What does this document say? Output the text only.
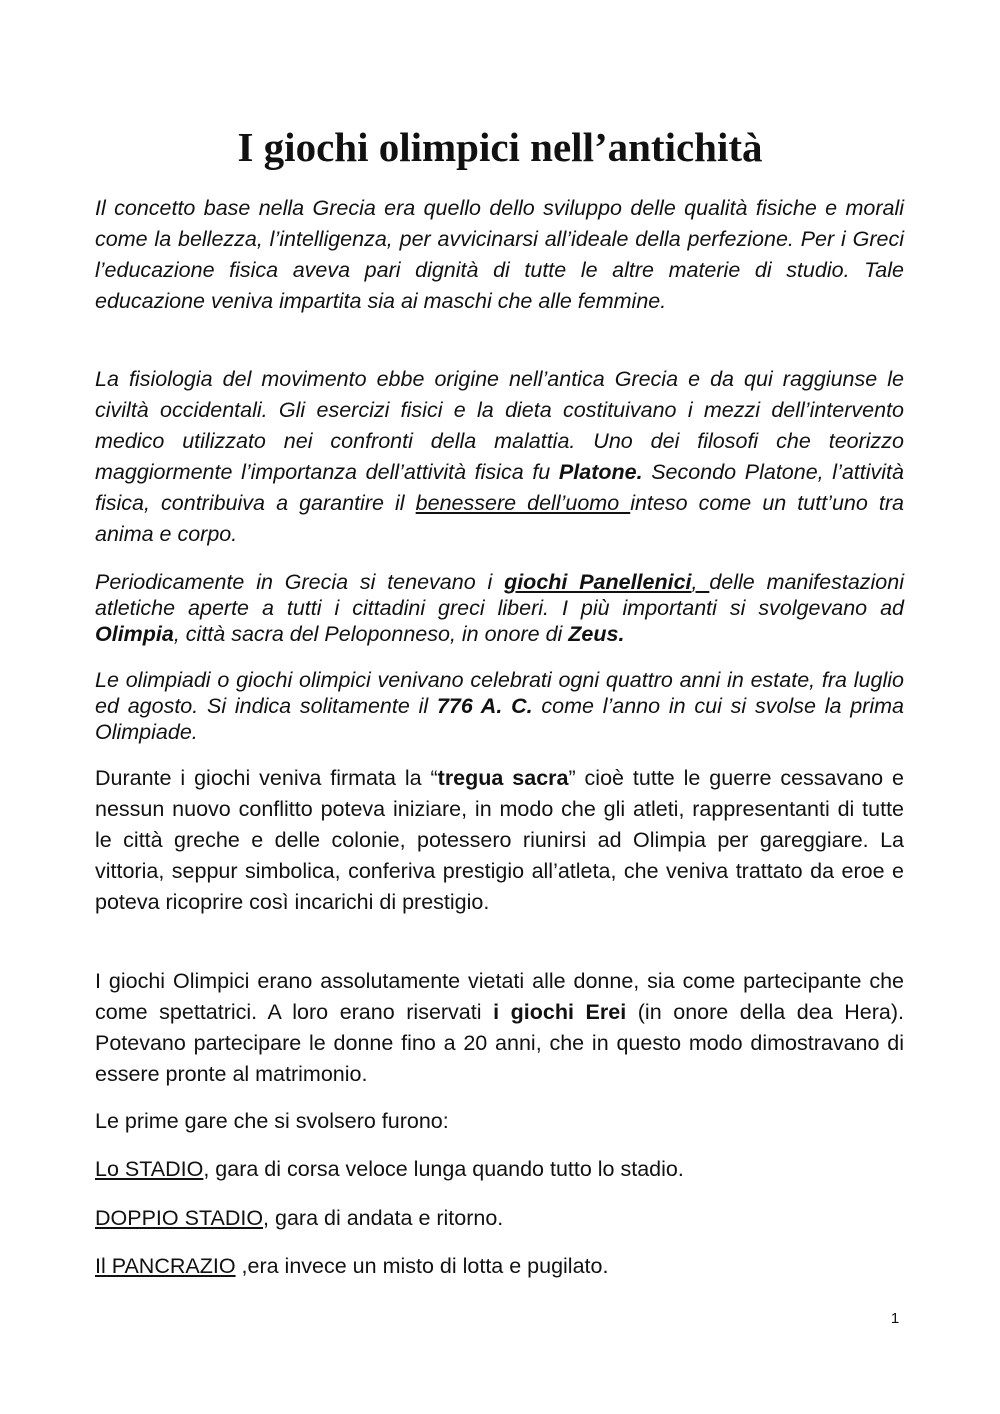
I giochi olimpici nell’antichità

Il concetto base nella Grecia era quello dello sviluppo delle qualità fisiche e morali come la bellezza, l’intelligenza, per avvicinarsi all’ideale della perfezione. Per i Greci l’educazione fisica aveva pari dignità di tutte le altre materie di studio. Tale educazione veniva impartita sia ai maschi che alle femmine.

La fisiologia del movimento ebbe origine nell’antica Grecia e da qui raggiunse le civiltà occidentali. Gli esercizi fisici e la dieta costituivano i mezzi dell’intervento medico utilizzato nei confronti della malattia. Uno dei filosofi che teorizzo maggiormente l’importanza dell’attività fisica fu Platone. Secondo Platone, l’attività fisica, contribuiva a garantire il benessere dell’uomo inteso come un tutt’uno tra anima e corpo.

Periodicamente in Grecia si tenevano i giochi Panellenici, delle manifestazioni atletiche aperte a tutti i cittadini greci liberi. I più importanti si svolgevano ad Olimpia, città sacra del Peloponneso, in onore di Zeus.

Le olimpiadi o giochi olimpici venivano celebrati ogni quattro anni in estate, fra luglio ed agosto. Si indica solitamente il 776 A. C. come l’anno in cui si svolse la prima Olimpiade.

Durante i giochi veniva firmata la “tregua sacra” cioè tutte le guerre cessavano e nessun nuovo conflitto poteva iniziare, in modo che gli atleti, rappresentanti di tutte le città greche e delle colonie, potessero riunirsi ad Olimpia per gareggiare. La vittoria, seppur simbolica, conferiva prestigio all’atleta, che veniva trattato da eroe e poteva ricoprire così incarichi di prestigio.

I giochi Olimpici erano assolutamente vietati alle donne, sia come partecipante che come spettatrici. A loro erano riservati i giochi Erei (in onore della dea Hera). Potevano partecipare le donne fino a 20 anni, che in questo modo dimostravano di essere pronte al matrimonio.

Le prime gare che si svolsero furono:

Lo STADIO, gara di corsa veloce lunga quando tutto lo stadio.

DOPPIO STADIO, gara di andata e ritorno.

Il PANCRAZIO ,era invece un misto di lotta e pugilato.

1
